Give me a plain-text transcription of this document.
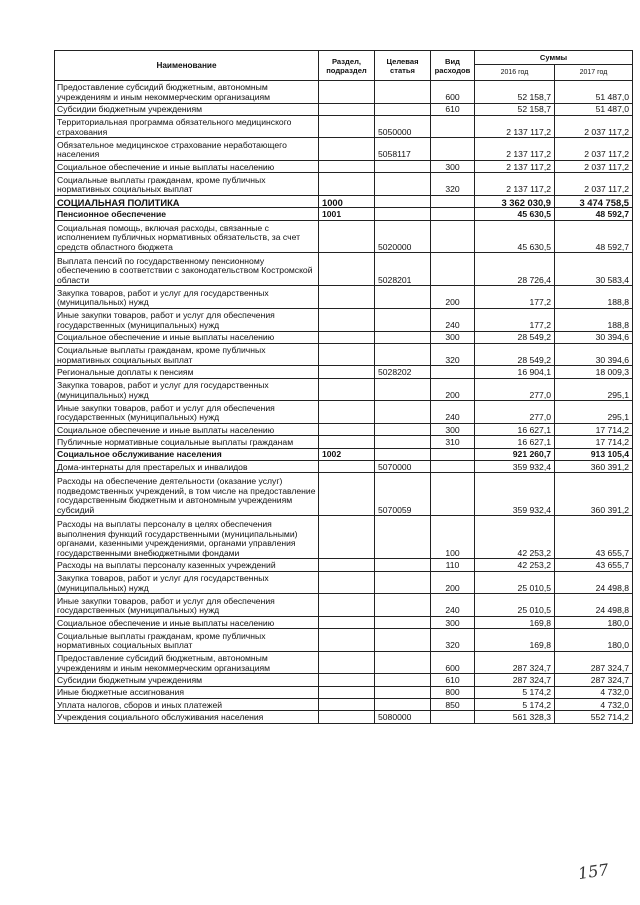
Наименование	Раздел, подраздел	Целевая статья	Вид расходов	Суммы	
				2016 год	2017 год
Предоставление субсидий бюджетным, автономным учреждениям и иным некоммерческим организациям			600	52 158,7	51 487,0
Субсидии бюджетным учреждениям			610	52 158,7	51 487,0
Территориальная программа обязательного медицинского страхования		5050000		2 137 117,2	2 037 117,2
Обязательное медицинское страхование неработающего населения		5058117		2 137 117,2	2 037 117,2
Социальное обеспечение и иные выплаты населению			300	2 137 117,2	2 037 117,2
Социальные выплаты гражданам, кроме публичных нормативных социальных выплат			320	2 137 117,2	2 037 117,2
СОЦИАЛЬНАЯ ПОЛИТИКА	1000			3 362 030,9	3 474 758,5
Пенсионное обеспечение	1001			45 630,5	48 592,7
Социальная помощь, включая расходы, связанные с исполнением публичных нормативных обязательств, за счет средств областного бюджета		5020000		45 630,5	48 592,7
Выплата пенсий по государственному пенсионному обеспечению в соответствии с законодательством Костромской области		5028201		28 726,4	30 583,4
Закупка товаров, работ и услуг для государственных (муниципальных) нужд			200	177,2	188,8
Иные закупки товаров, работ и услуг для обеспечения государственных (муниципальных) нужд			240	177,2	188,8
Социальное обеспечение и иные выплаты населению			300	28 549,2	30 394,6
Социальные выплаты гражданам, кроме публичных нормативных социальных выплат			320	28 549,2	30 394,6
Региональные доплаты к пенсиям		5028202		16 904,1	18 009,3
Закупка товаров, работ и услуг для государственных (муниципальных) нужд			200	277,0	295,1
Иные закупки товаров, работ и услуг для обеспечения государственных (муниципальных) нужд			240	277,0	295,1
Социальное обеспечение и иные выплаты населению			300	16 627,1	17 714,2
Публичные нормативные социальные выплаты гражданам			310	16 627,1	17 714,2
Социальное обслуживание населения	1002			921 260,7	913 105,4
Дома-интернаты для престарелых и инвалидов		5070000		359 932,4	360 391,2
Расходы на обеспечение деятельности (оказание услуг) подведомственных учреждений, в том числе на предоставление государственным бюджетным и автономным учреждениям субсидий		5070059		359 932,4	360 391,2
Расходы на выплаты персоналу в целях обеспечения выполнения функций государственными (муниципальными) органами, казенными учреждениями, органами управления государственными внебюджетными фондами			100	42 253,2	43 655,7
Расходы на выплаты персоналу казенных учреждений			110	42 253,2	43 655,7
Закупка товаров, работ и услуг для государственных (муниципальных) нужд			200	25 010,5	24 498,8
Иные закупки товаров, работ и услуг для обеспечения государственных (муниципальных) нужд			240	25 010,5	24 498,8
Социальное обеспечение и иные выплаты населению			300	169,8	180,0
Социальные выплаты гражданам, кроме публичных нормативных социальных выплат			320	169,8	180,0
Предоставление субсидий бюджетным, автономным учреждениям и иным некоммерческим организациям			600	287 324,7	287 324,7
Субсидии бюджетным учреждениям			610	287 324,7	287 324,7
Иные бюджетные ассигнования			800	5 174,2	4 732,0
Уплата налогов, сборов и иных платежей			850	5 174,2	4 732,0
Учреждения социального обслуживания населения		5080000		561 328,3	552 714,2
157
